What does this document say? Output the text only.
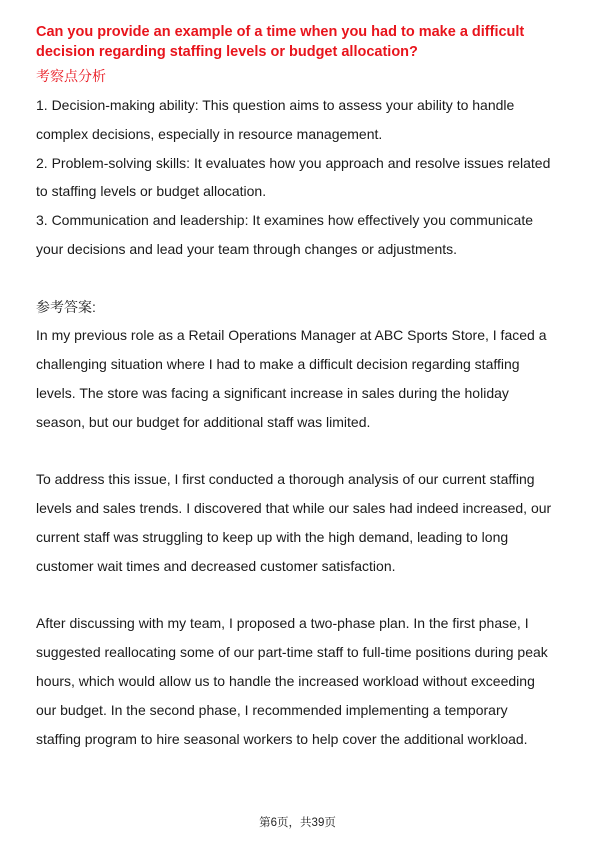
Can you provide an example of a time when you had to make a difficult decision regarding staffing levels or budget allocation?

考察点分析

1. Decision-making ability: This question aims to assess your ability to handle complex decisions, especially in resource management.

2. Problem-solving skills: It evaluates how you approach and resolve issues related to staffing levels or budget allocation.

3. Communication and leadership: It examines how effectively you communicate your decisions and lead your team through changes or adjustments.

参考答案:

In my previous role as a Retail Operations Manager at ABC Sports Store, I faced a challenging situation where I had to make a difficult decision regarding staffing levels. The store was facing a significant increase in sales during the holiday season, but our budget for additional staff was limited.

To address this issue, I first conducted a thorough analysis of our current staffing levels and sales trends. I discovered that while our sales had indeed increased, our current staff was struggling to keep up with the high demand, leading to long customer wait times and decreased customer satisfaction.

After discussing with my team, I proposed a two-phase plan. In the first phase, I suggested reallocating some of our part-time staff to full-time positions during peak hours, which would allow us to handle the increased workload without exceeding our budget. In the second phase, I recommended implementing a temporary staffing program to hire seasonal workers to help cover the additional workload.

第6页，共39页
